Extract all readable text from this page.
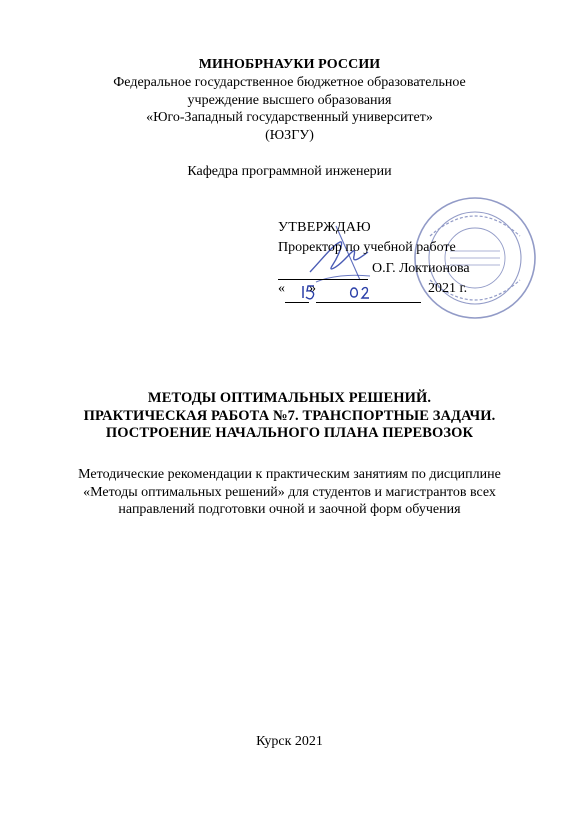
МИНОБРНАУКИ РОССИИ
Федеральное государственное бюджетное образовательное
учреждение высшего образования
«Юго-Западный государственный университет»
(ЮЗГУ)
Кафедра программной инженерии
УТВЕРЖДАЮ
Проректор по учебной работе

О.Г. Локтионова
« »	2021 г.
МЕТОДЫ ОПТИМАЛЬНЫХ РЕШЕНИЙ.
ПРАКТИЧЕСКАЯ РАБОТА №7. ТРАНСПОРТНЫЕ ЗАДАЧИ.
ПОСТРОЕНИЕ НАЧАЛЬНОГО ПЛАНА ПЕРЕВОЗОК
Методические рекомендации к практическим занятиям по дисциплине
«Методы оптимальных решений» для студентов и магистрантов всех
направлений подготовки очной и заочной форм обучения
Курск 2021
